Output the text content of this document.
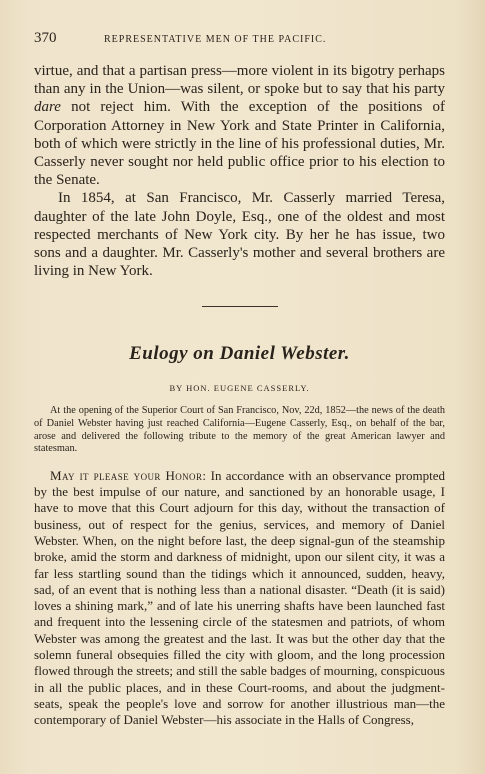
370	REPRESENTATIVE MEN OF THE PACIFIC.

virtue, and that a partisan press—more violent in its bigotry perhaps than any in the Union—was silent, or spoke but to say that his party dare not reject him. With the exception of the positions of Corporation Attorney in New York and State Printer in California, both of which were strictly in the line of his professional duties, Mr. Casserly never sought nor held public office prior to his election to the Senate.

In 1854, at San Francisco, Mr. Casserly married Teresa, daughter of the late John Doyle, Esq., one of the oldest and most respected merchants of New York city. By her he has issue, two sons and a daughter. Mr. Casserly's mother and several brothers are living in New York.

Eulogy on Daniel Webster.
BY HON. EUGENE CASSERLY.

At the opening of the Superior Court of San Francisco, Nov, 22d, 1852—the news of the death of Daniel Webster having just reached California—Eugene Casserly, Esq., on behalf of the bar, arose and delivered the following tribute to the memory of the great American lawyer and statesman.

May it please your Honor: In accordance with an observance prompted by the best impulse of our nature, and sanctioned by an honorable usage, I have to move that this Court adjourn for this day, without the transaction of business, out of respect for the genius, services, and memory of Daniel Webster. When, on the night before last, the deep signal-gun of the steamship broke, amid the storm and darkness of midnight, upon our silent city, it was a far less startling sound than the tidings which it announced, sudden, heavy, sad, of an event that is nothing less than a national disaster. “Death (it is said) loves a shining mark,” and of late his unerring shafts have been launched fast and frequent into the lessening circle of the statesmen and patriots, of whom Webster was among the greatest and the last. It was but the other day that the solemn funeral obsequies filled the city with gloom, and the long procession flowed through the streets; and still the sable badges of mourning, conspicuous in all the public places, and in these Court-rooms, and about the judgment-seats, speak the people's love and sorrow for another illustrious man—the contemporary of Daniel Webster—his associate in the Halls of Congress,
